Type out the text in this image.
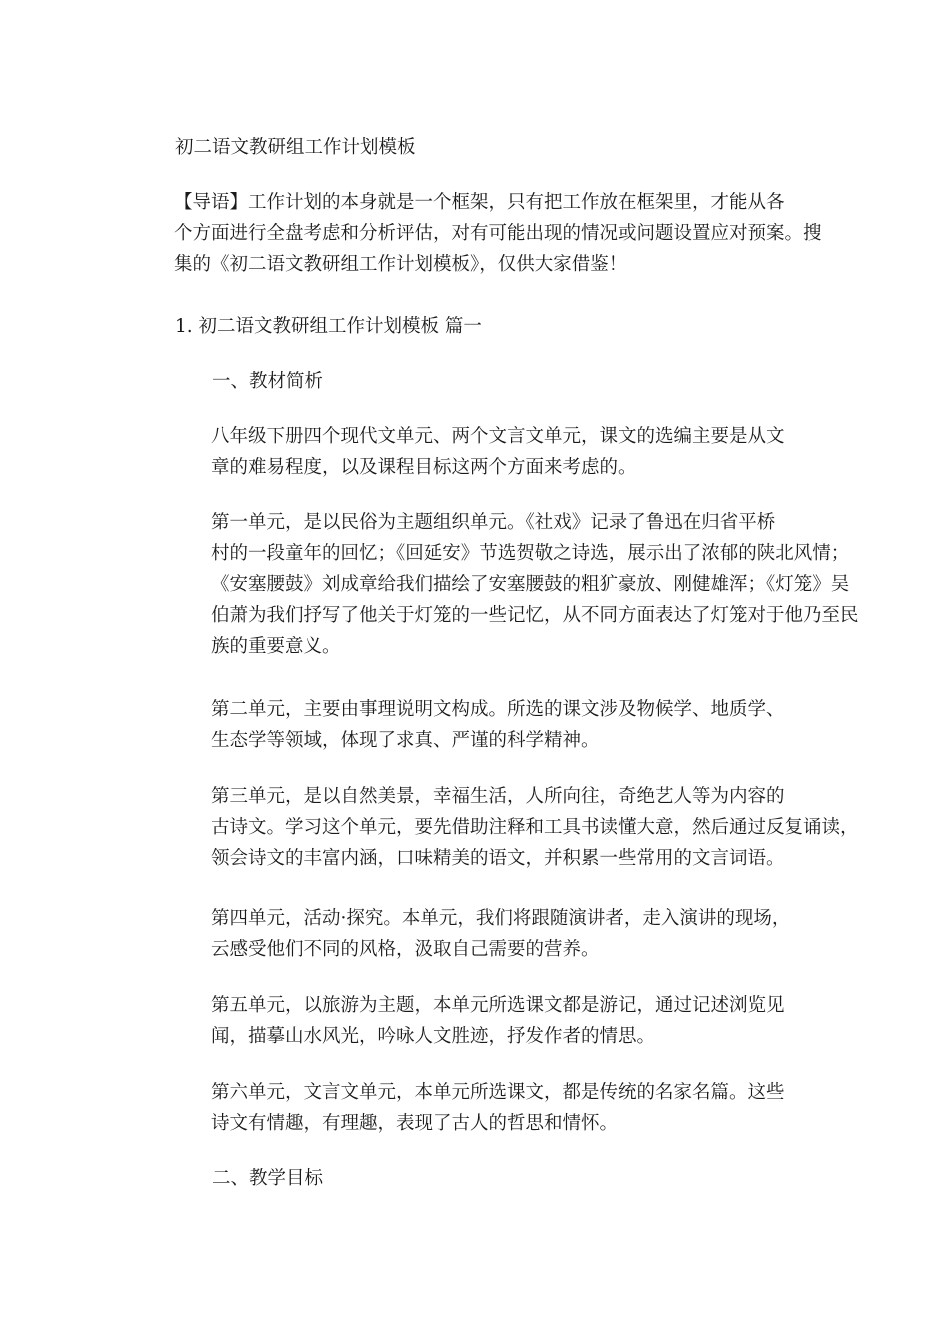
初二语文教研组工作计划模板

【导语】工作计划的本身就是一个框架，只有把工作放在框架里，才能从各
个方面进行全盘考虑和分析评估，对有可能出现的情况或问题设置应对预案。搜
集的《初二语文教研组工作计划模板》，仅供大家借鉴！

1. 初二语文教研组工作计划模板 篇一

一、教材简析

八年级下册四个现代文单元、两个文言文单元，课文的选编主要是从文
章的难易程度，以及课程目标这两个方面来考虑的。

第一单元，是以民俗为主题组织单元。《社戏》记录了鲁迅在归省平桥
村的一段童年的回忆；《回延安》节选贺敬之诗选，展示出了浓郁的陕北风情；
《安塞腰鼓》刘成章给我们描绘了安塞腰鼓的粗犷豪放、刚健雄浑；《灯笼》吴
伯萧为我们抒写了他关于灯笼的一些记忆，从不同方面表达了灯笼对于他乃至民
族的重要意义。

第二单元，主要由事理说明文构成。所选的课文涉及物候学、地质学、
生态学等领域，体现了求真、严谨的科学精神。

第三单元，是以自然美景，幸福生活，人所向往，奇绝艺人等为内容的
古诗文。学习这个单元，要先借助注释和工具书读懂大意，然后通过反复诵读，
领会诗文的丰富内涵，口味精美的语文，并积累一些常用的文言词语。

第四单元，活动·探究。本单元，我们将跟随演讲者，走入演讲的现场，
云感受他们不同的风格，汲取自己需要的营养。

第五单元，以旅游为主题，本单元所选课文都是游记，通过记述浏览见
闻，描摹山水风光，吟咏人文胜迹，抒发作者的情思。

第六单元，文言文单元，本单元所选课文，都是传统的名家名篇。这些
诗文有情趣，有理趣，表现了古人的哲思和情怀。

二、教学目标
